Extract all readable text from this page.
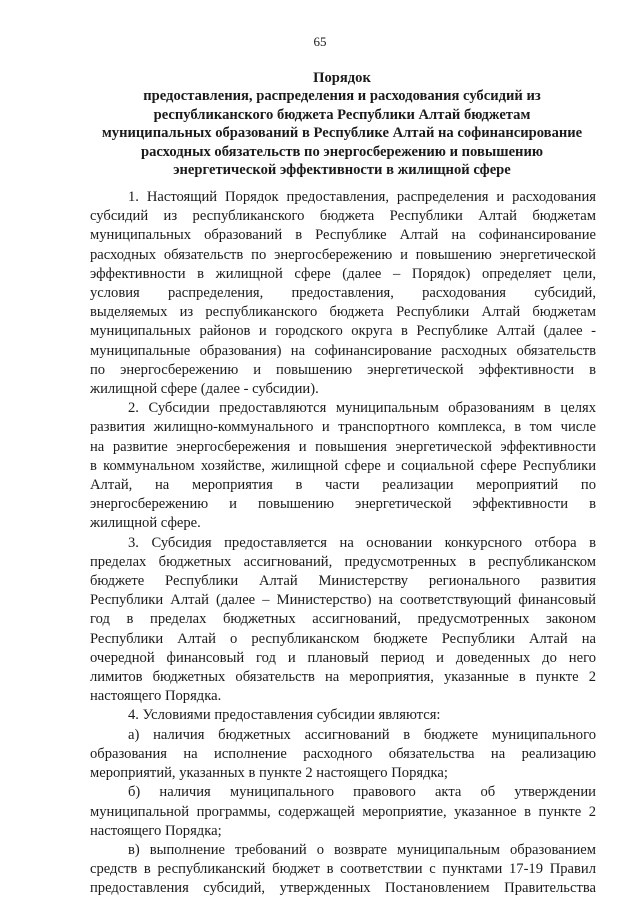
65
Порядок
предоставления, распределения и расходования субсидий из
республиканского бюджета Республики Алтай бюджетам
муниципальных образований в Республике Алтай на софинансирование
расходных обязательств по энергосбережению и повышению
энергетической эффективности в жилищной сфере
1. Настоящий Порядок предоставления, распределения и расходования
субсидий из республиканского бюджета Республики Алтай бюджетам
муниципальных образований в Республике Алтай на софинансирование
расходных обязательств по энергосбережению и повышению энергетической
эффективности в жилищной сфере (далее – Порядок) определяет цели,
условия распределения, предоставления, расходования субсидий,
выделяемых из республиканского бюджета Республики Алтай бюджетам
муниципальных районов и городского округа в Республике Алтай (далее -
муниципальные образования) на софинансирование расходных обязательств
по энергосбережению и повышению энергетической эффективности в
жилищной сфере (далее - субсидии).
2. Субсидии предоставляются муниципальным образованиям в целях
развития жилищно-коммунального и транспортного комплекса, в том числе
на развитие энергосбережения и повышения энергетической эффективности
в коммунальном хозяйстве, жилищной сфере и социальной сфере Республики
Алтай, на мероприятия в части реализации мероприятий по
энергосбережению и повышению энергетической эффективности в
жилищной сфере.
3. Субсидия предоставляется на основании конкурсного отбора в
пределах бюджетных ассигнований, предусмотренных в республиканском
бюджете Республики Алтай Министерству регионального развития
Республики Алтай (далее – Министерство) на соответствующий финансовый
год в пределах бюджетных ассигнований, предусмотренных законом
Республики Алтай о республиканском бюджете Республики Алтай на
очередной финансовый год и плановый период и доведенных до него
лимитов бюджетных обязательств на мероприятия, указанные в пункте 2
настоящего Порядка.
4. Условиями предоставления субсидии являются:
а) наличия бюджетных ассигнований в бюджете муниципального
образования на исполнение расходного обязательства на реализацию
мероприятий, указанных в пункте 2 настоящего Порядка;
б) наличия муниципального правового акта об утверждении
муниципальной программы, содержащей мероприятие, указанное в пункте 2
настоящего Порядка;
в) выполнение требований о возврате муниципальным образованием
средств в республиканский бюджет в соответствии с пунктами 17-19 Правил
предоставления субсидий, утвержденных Постановлением Правительства
